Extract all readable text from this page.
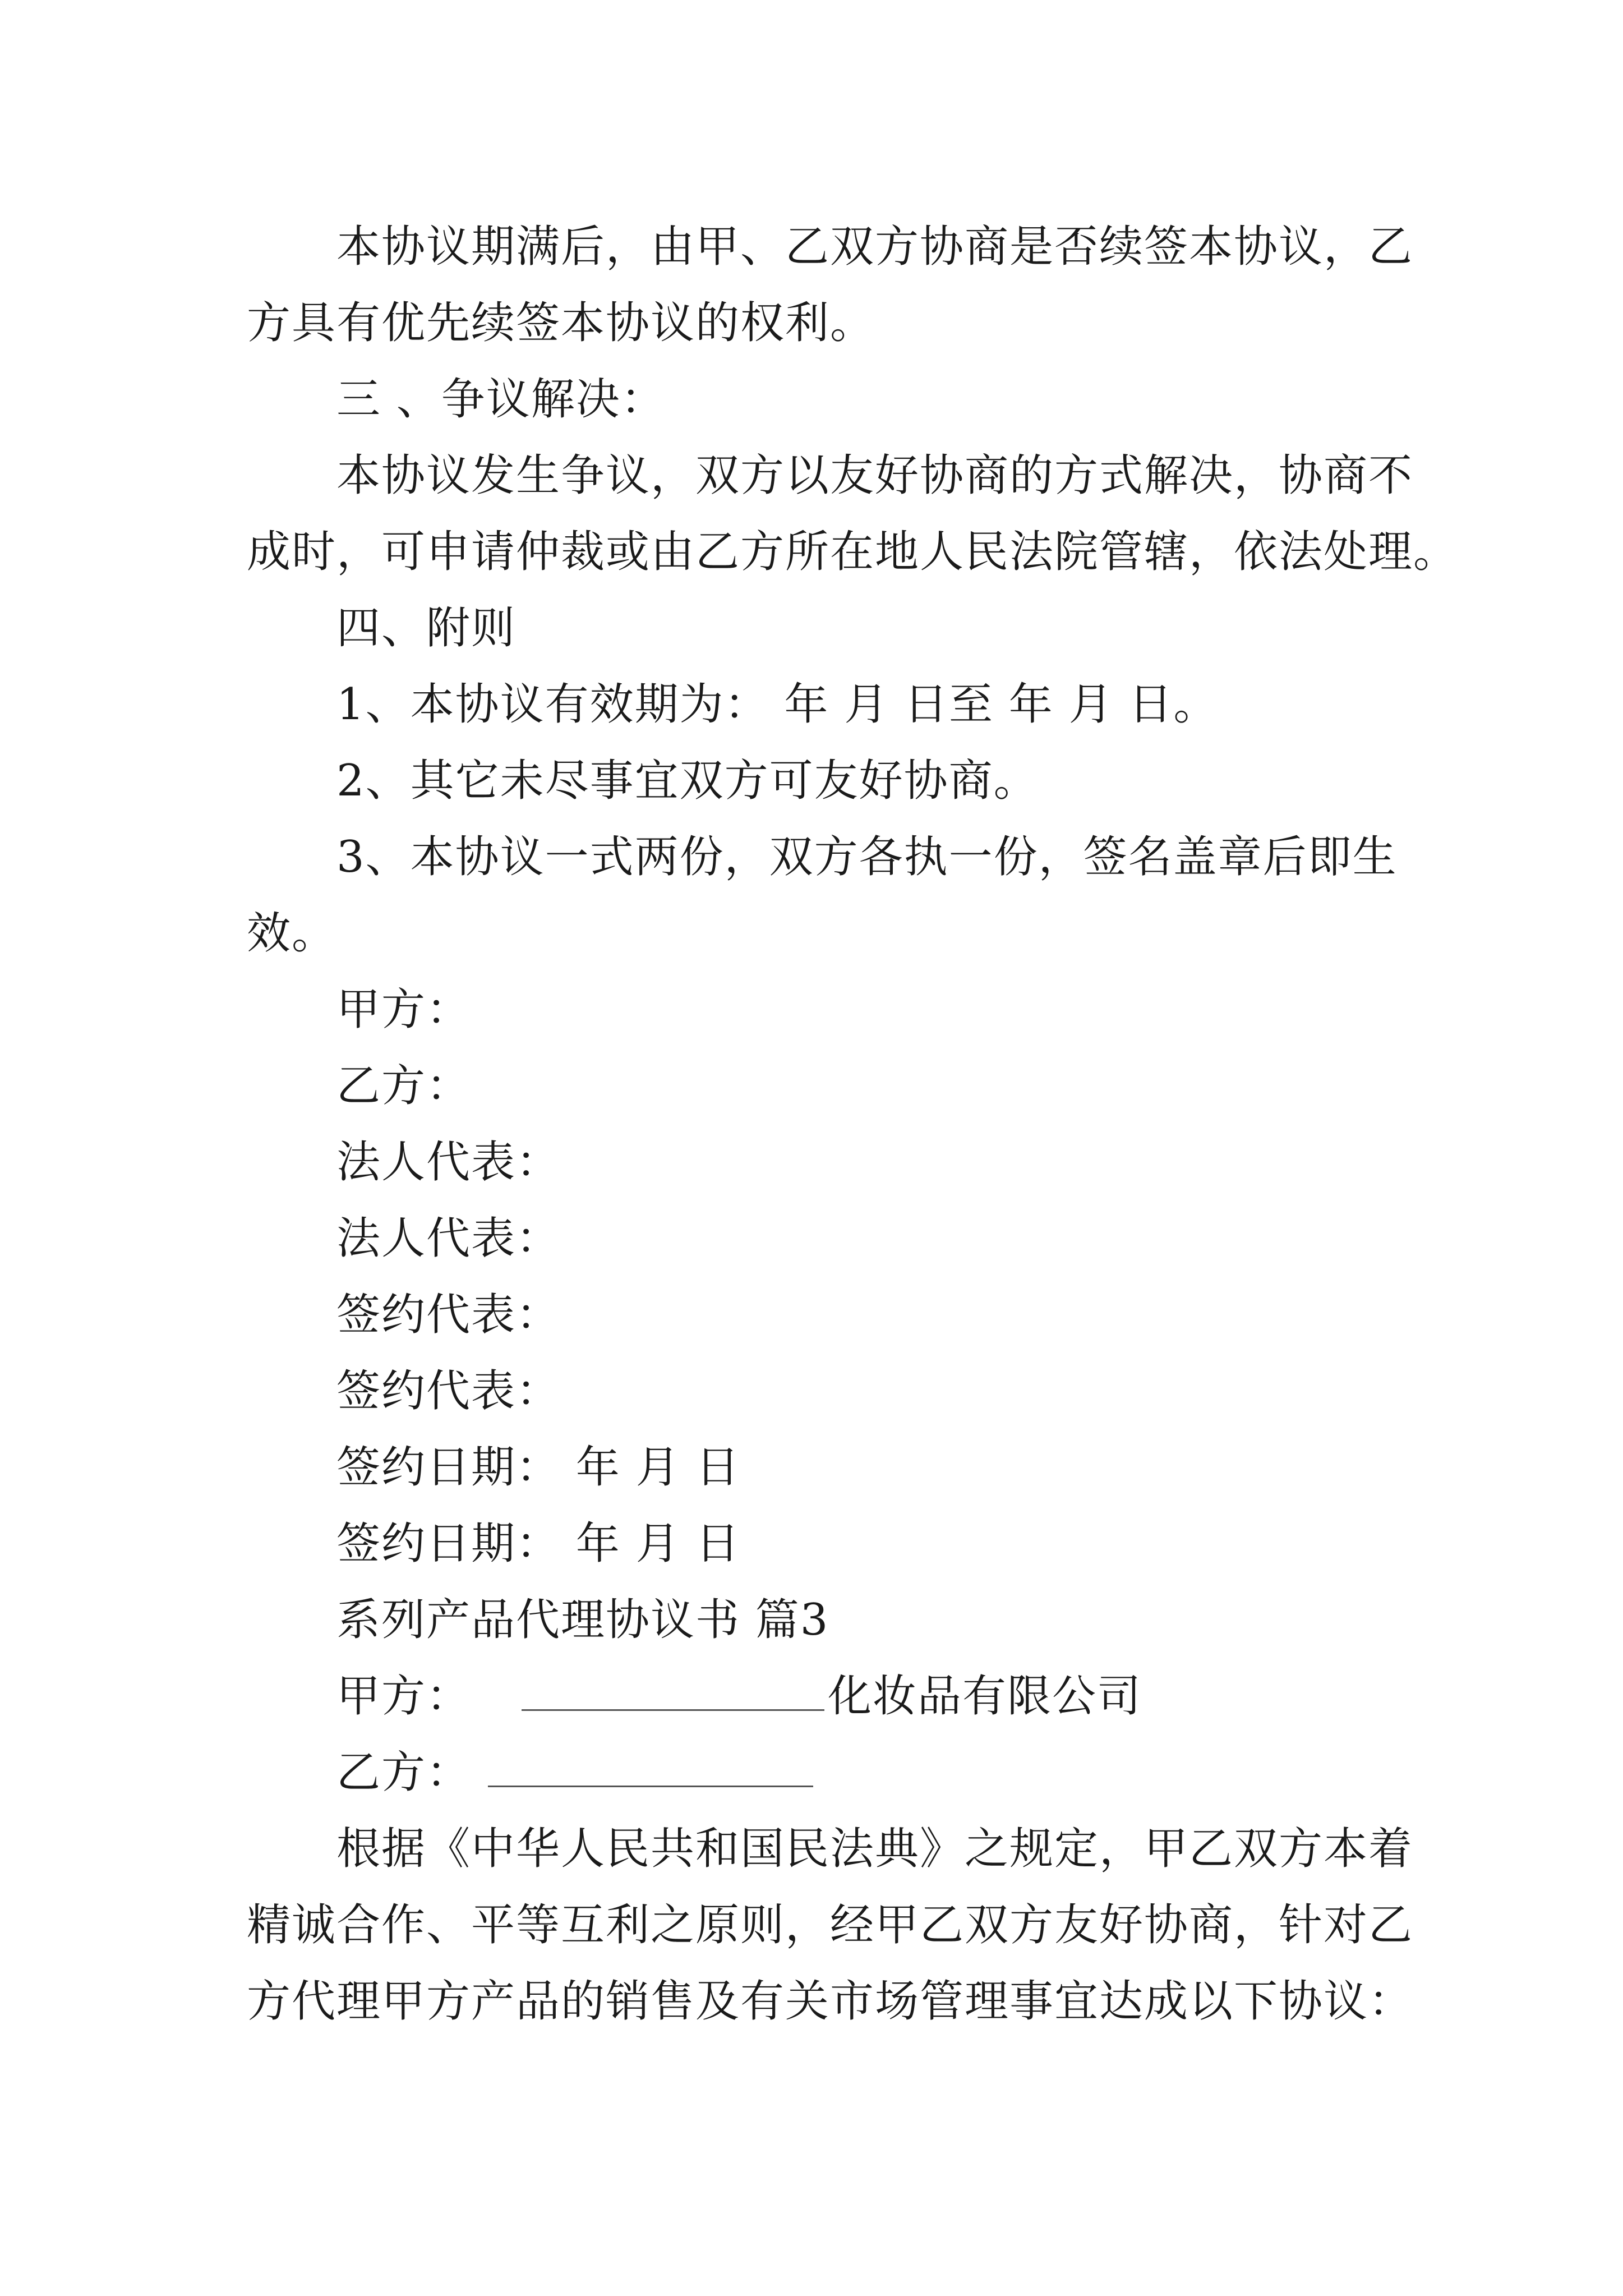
本协议期满后，由甲、乙双方协商是否续签本协议，乙
方具有优先续签本协议的权利。
三 、争议解决：
本协议发生争议，双方以友好协商的方式解决，协商不
成时，可申请仲裁或由乙方所在地人民法院管辖，依法处理。
四、附则
1、本协议有效期为： 年 月 日至 年 月 日。
2、其它未尽事宜双方可友好协商。
3、本协议一式两份，双方各执一份，签名盖章后即生
效。
甲方：
乙方：
法人代表：
法人代表：
签约代表：
签约代表：
签约日期： 年 月 日
签约日期： 年 月 日
系列产品代理协议书 篇3
甲方：	化妆品有限公司
乙方：
根据《中华人民共和国民法典》之规定，甲乙双方本着
精诚合作、平等互利之原则，经甲乙双方友好协商，针对乙
方代理甲方产品的销售及有关市场管理事宜达成以下协议：
